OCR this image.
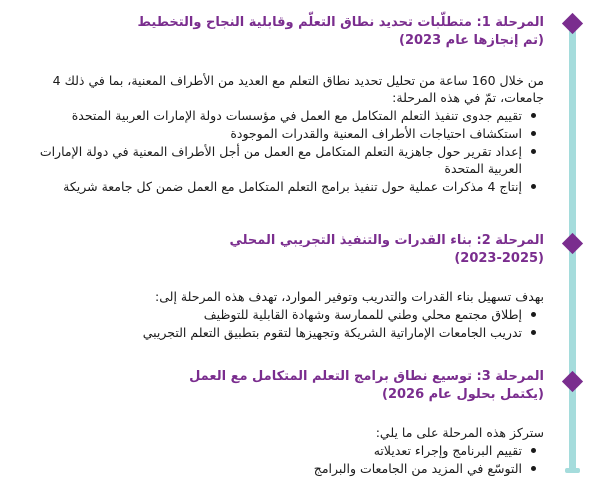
المرحلة 1: متطلّبات تحديد نطاق التعلّم وقابلية النجاح والتخطيط
(تم إنجازها عام 2023)

من خلال 160 ساعة من تحليل تحديد نطاق التعلم مع العديد من الأطراف المعنية، بما في ذلك 4 جامعات، تمّ في هذه المرحلة:

تقييم جدوى تنفيذ التعلم المتكامل مع العمل في مؤسسات دولة الإمارات العربية المتحدة
استكشاف احتياجات الأطراف المعنية والقدرات الموجودة
إعداد تقرير حول جاهزية التعلم المتكامل مع العمل من أجل الأطراف المعنية في دولة الإمارات العربية المتحدة
إنتاج 4 مذكرات عملية حول تنفيذ برامج التعلم المتكامل مع العمل ضمن كل جامعة شريكة
المرحلة 2: بناء القدرات والتنفيذ التجريبي المحلي
(2023-2025)

بهدف تسهيل بناء القدرات والتدريب وتوفير الموارد، تهدف هذه المرحلة إلى:

إطلاق مجتمع محلي وطني للممارسة وشهادة القابلية للتوظيف
تدريب الجامعات الإماراتية الشريكة وتجهيزها لتقوم بتطبيق التعلم التجريبي
المرحلة 3: توسيع نطاق برامج التعلم المتكامل مع العمل
(يكتمل بحلول عام 2026)

ستركز هذه المرحلة على ما يلي:

تقييم البرنامج وإجراء تعديلاته
التوسّع في المزيد من الجامعات والبرامج
